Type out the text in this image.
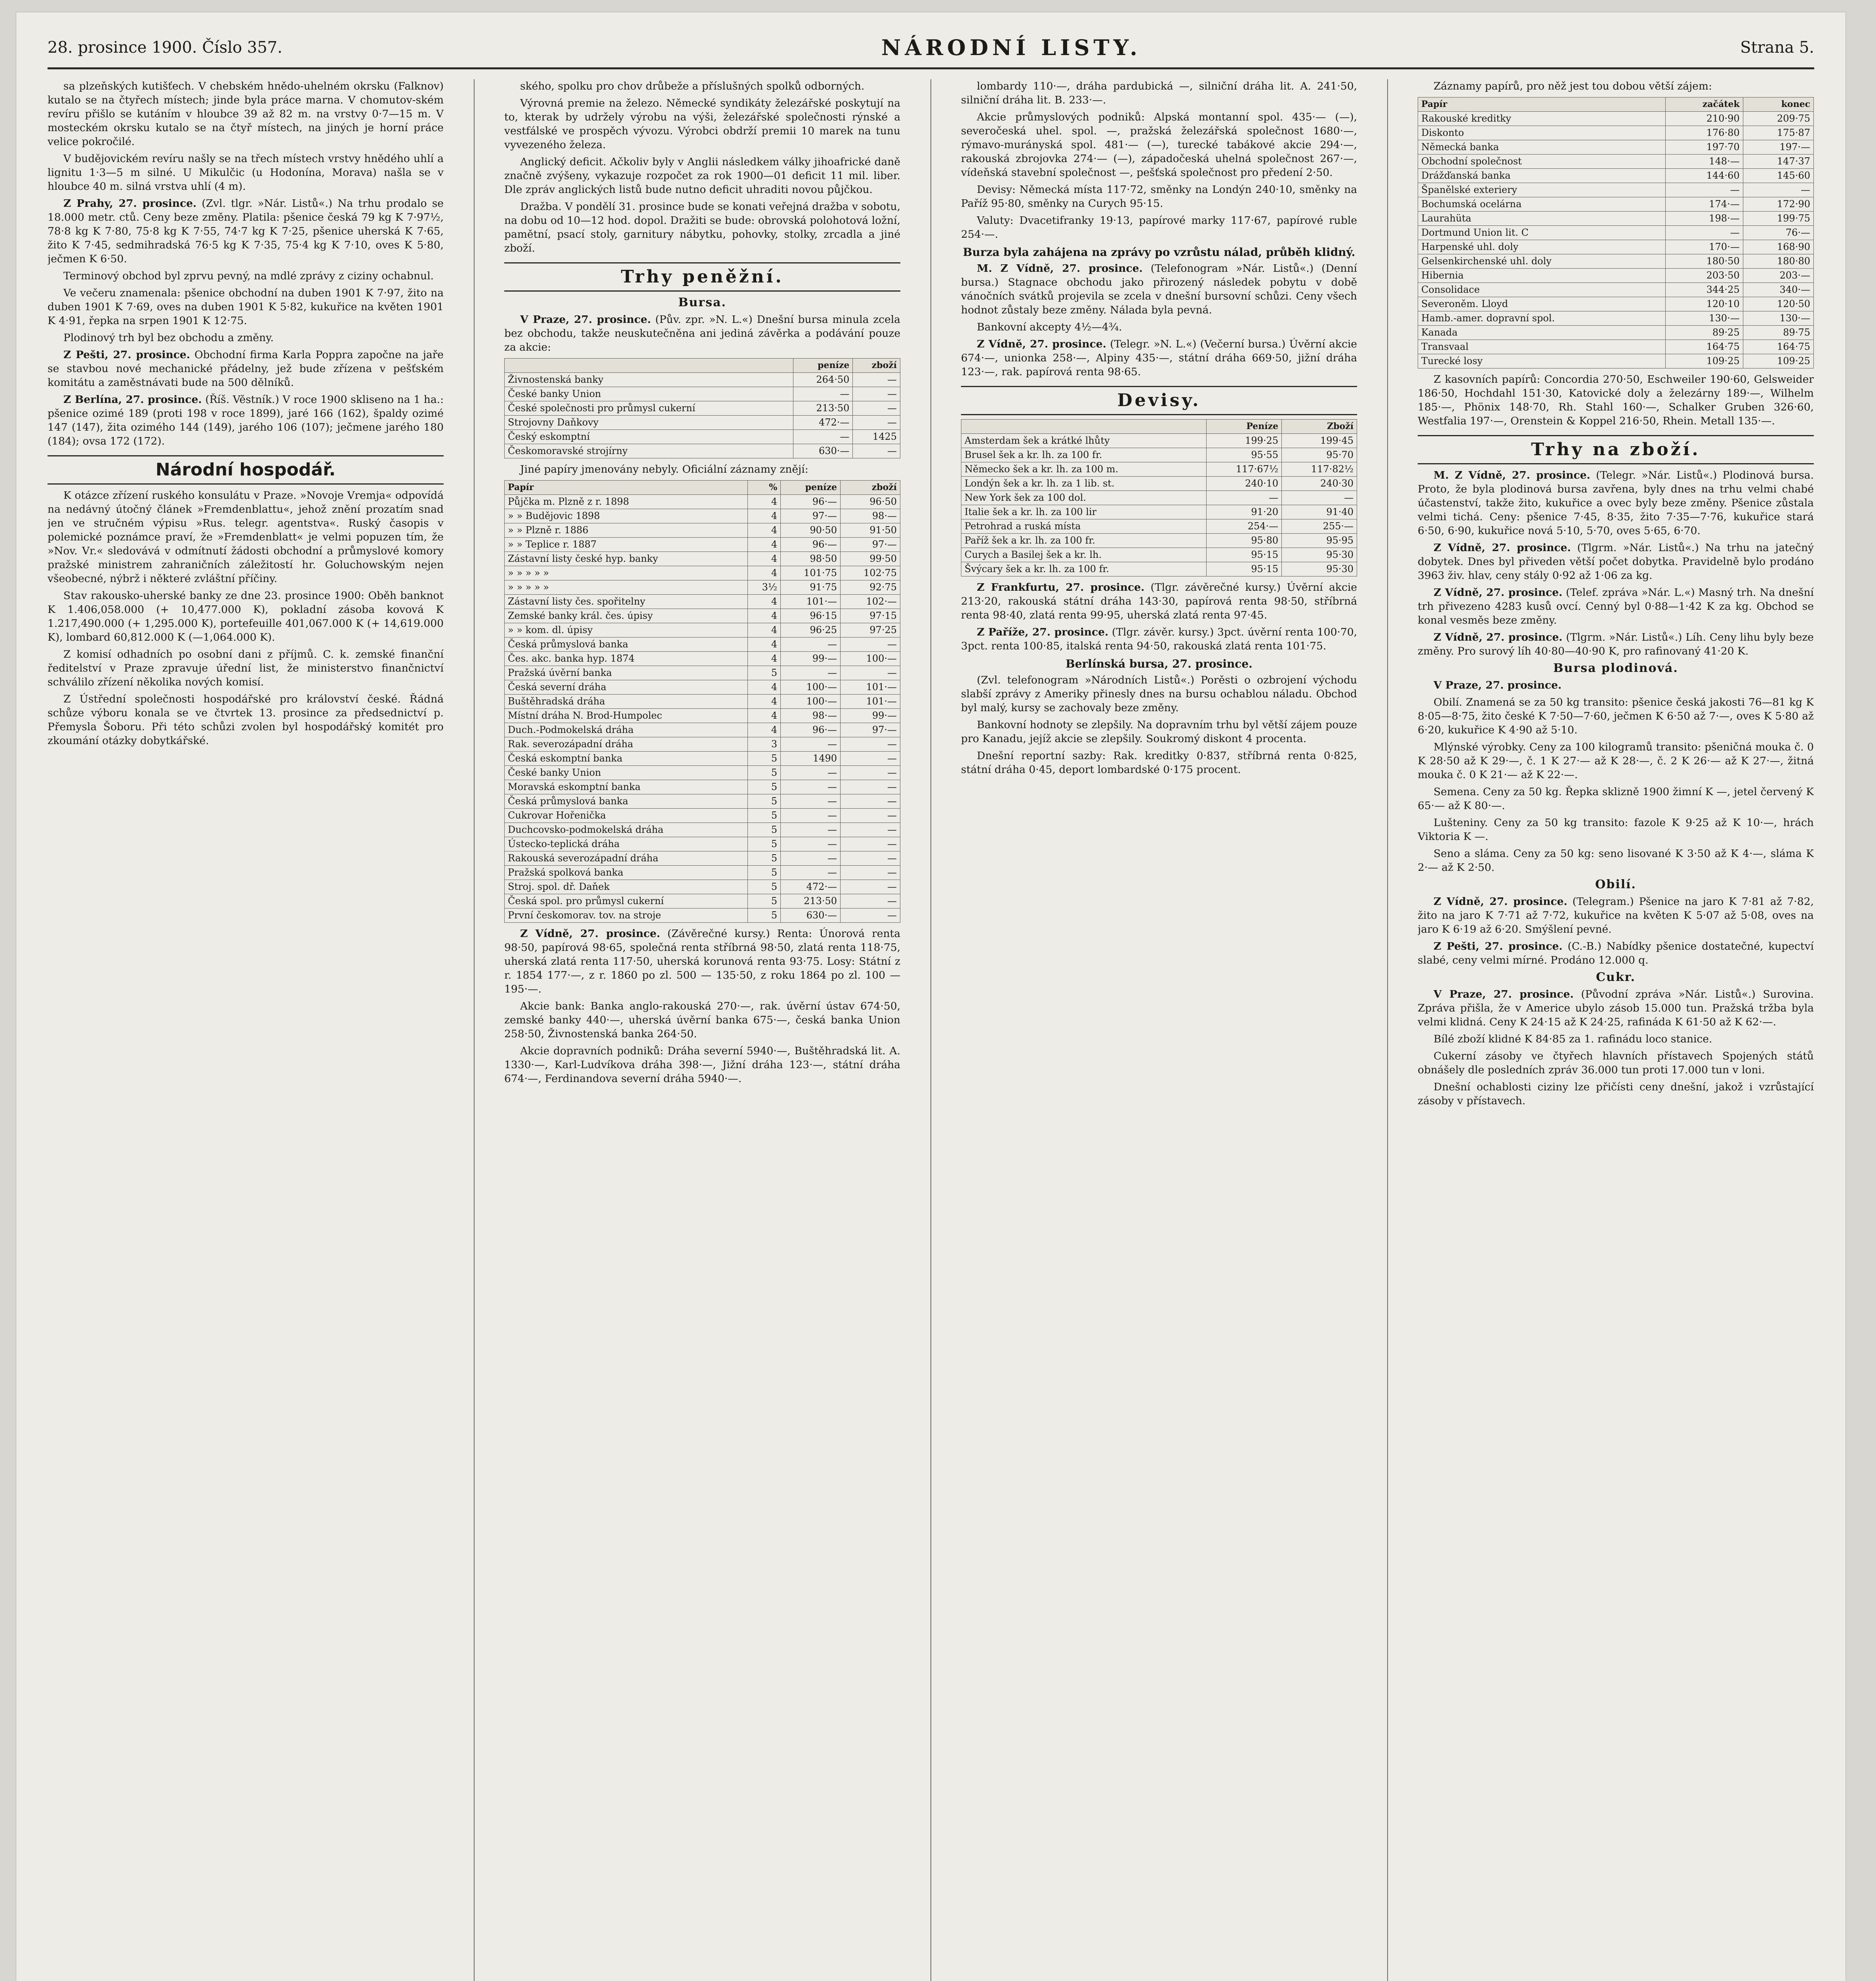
28. prosince 1900. Číslo 357.	NÁRODNÍ LISTY.	Strana 5.

sa plzeňských kutišťech. V chebském hnědo-uhelném okrsku (Falknov) kutalo se na čtyřech místech; jinde byla práce marna. V chomutov-ském revíru přišlo se kutáním v hloubce 39 až 82 m. na vrstvy 0·7—15 m. V mosteckém okrsku kutalo se na čtyř místech, na jiných je horní práce velice pokročilé.

V budějovickém revíru našly se na třech místech vrstvy hnědého uhlí a lignitu 1·3—5 m silné. U Mikulčic (u Hodonína, Morava) našla se v hloubce 40 m. silná vrstva uhlí (4 m).

Z Prahy, 27. prosince. (Zvl. tlgr. »Nár. Listů«.) Na trhu prodalo se 18.000 metr. ctů. Ceny beze změny. Platila: pšenice česká 79 kg K 7·97½, 78·8 kg K 7·80, 75·8 kg K 7·55, 74·7 kg K 7·25, pšenice uherská K 7·65, žito K 7·45, sedmihradská 76·5 kg K 7·35, 75·4 kg K 7·10, oves K 5·80, ječmen K 6·50.

Terminový obchod byl zprvu pevný, na mdlé zprávy z ciziny ochabnul.

Ve večeru znamenala: pšenice obchodní na duben 1901 K 7·97, žito na duben 1901 K 7·69, oves na duben 1901 K 5·82, kukuřice na květen 1901 K 4·91, řepka na srpen 1901 K 12·75.

Plodinový trh byl bez obchodu a změny.

Z Pešti, 27. prosince. Obchodní firma Karla Poppra započne na jaře se stavbou nové mechanické přádelny, jež bude zřízena v pešťském komitátu a zaměstnávati bude na 500 dělníků.

Z Berlína, 27. prosince. (Říš. Věstník.) V roce 1900 skliseno na 1 ha.: pšenice ozimé 189 (proti 198 v roce 1899), jaré 166 (162), špaldy ozimé 147 (147), žita ozimého 144 (149), jarého 106 (107); ječmene jarého 180 (184); ovsa 172 (172).

Národní hospodář.

K otázce zřízení ruského konsulátu v Praze. »Novoje Vremja« odpovídá na nedávný útočný článek »Fremdenblattu«, jehož znění prozatím snad jen ve stručném výpisu »Rus. telegr. agentstva«. Ruský časopis v polemické poznámce praví, že »Fremdenblatt« je velmi popuzen tím, že »Nov. Vr.« sledovává v odmítnutí žádosti obchodní a průmyslové komory pražské ministrem zahraničních záležitostí hr. Goluchowským nejen všeobecné, nýbrž i některé zvláštní příčiny.

Stav rakousko-uherské banky ze dne 23. prosince 1900: Oběh banknot K 1.406,058.000 (+ 10,477.000 K), pokladní zásoba kovová K 1.217,490.000 (+ 1,295.000 K), portefeuille 401,067.000 K (+ 14,619.000 K), lombard 60,812.000 K (—1,064.000 K).

Z komisí odhadních po osobní dani z příjmů. C. k. zemské finanční ředitelství v Praze zpravuje úřední list, že ministerstvo finančnictví schválilo zřízení několika nových komisí.

Z Ústřední společnosti hospodářské pro království české. Řádná schůze výboru konala se ve čtvrtek 13. prosince za předsednictví p. Přemysla Šoboru. Při této schůzi zvolen byl hospodářský komitét pro zkoumání otázky dobytkářské.

ského, spolku pro chov drůbeže a příslušných spolků odborných.

Výrovná premie na železo. Německé syndikáty železářské poskytují na to, kterak by udržely výrobu na výši, železářské společnosti rýnské a vestfálské ve prospěch vývozu. Výrobci obdrží premii 10 marek na tunu vyvezeného železa.

Anglický deficit. Ačkoliv byly v Anglii následkem války jihoafrické daně značně zvýšeny, vykazuje rozpočet za rok 1900—01 deficit 11 mil. liber. Dle zpráv anglických listů bude nutno deficit uhraditi novou půjčkou.

Dražba. V pondělí 31. prosince bude se konati veřejná dražba v sobotu, na dobu od 10—12 hod. dopol. Dražiti se bude: obrovská polohotová ložní, pamětní, psací stoly, garnitury nábytku, pohovky, stolky, zrcadla a jiné zboží.

Trhy peněžní.
Bursa.

V Praze, 27. prosince. (Pův. zpr. »N. L.«) Dnešní bursa minula zcela bez obchodu, takže neuskutečněna ani jediná závěrka a podávání pouze za akcie:

	peníze	zboží
Živnostenská banky	264·50	—
České banky Union	—	—
České společnosti pro průmysl cukerní	213·50	—
Strojovny Daňkovy	472·—	—
Český eskomptní	—	1425
Českomoravské strojírny	630·—	—

Jiné papíry jmenovány nebyly. Oficiální záznamy znějí:

Papír	%	peníze	zboží
Půjčka m. Plzně z r. 1898	4	96·—	96·50
» » Budějovic 1898	4	97·—	98·—
» » Plzně r. 1886	4	90·50	91·50
» » Teplice r. 1887	4	96·—	97·—
Zástavní listy české hyp. banky	4	98·50	99·50
» » » » »	4	101·75	102·75
» » » » »	3½	91·75	92·75
Zástavní listy čes. spořitelny	4	101·—	102·—
Zemské banky král. čes. úpisy	4	96·15	97·15
» » kom. dl. úpisy	4	96·25	97·25
Česká průmyslová banka	4	—	—
Čes. akc. banka hyp. 1874	4	99·—	100·—
Pražská úvěrní banka	5	—	—
Česká severní dráha	4	100·—	101·—
Buštěhradská dráha	4	100·—	101·—
Místní dráha N. Brod-Humpolec	4	98·—	99·—
Duch.-Podmokelská dráha	4	96·—	97·—
Rak. severozápadní dráha	3	—	—
Česká eskomptní banka	5	1490	—
České banky Union	5	—	—
Moravská eskomptní banka	5	—	—
Česká průmyslová banka	5	—	—
Cukrovar Hořenička	5	—	—
Duchcovsko-podmokelská dráha	5	—	—
Ústecko-teplická dráha	5	—	—
Rakouská severozápadní dráha	5	—	—
Pražská spolková banka	5	—	—
Stroj. spol. dř. Daňek	5	472·—	—
Česká spol. pro průmysl cukerní	5	213·50	—
První českomorav. tov. na stroje	5	630·—	—

Z Vídně, 27. prosince. (Závěrečné kursy.) Renta: Únorová renta 98·50, papírová 98·65, společná renta stříbrná 98·50, zlatá renta 118·75, uherská zlatá renta 117·50, uherská korunová renta 93·75. Losy: Státní z r. 1854 177·—, z r. 1860 po zl. 500 — 135·50, z roku 1864 po zl. 100 — 195·—.

Akcie bank: Banka anglo-rakouská 270·—, rak. úvěrní ústav 674·50, zemské banky 440·—, uherská úvěrní banka 675·—, česká banka Union 258·50, Živnostenská banka 264·50.

Akcie dopravních podniků: Dráha severní 5940·—, Buštěhradská lit. A. 1330·—, Karl-Ludvíkova dráha 398·—, Jižní dráha 123·—, státní dráha 674·—, Ferdinandova severní dráha 5940·—.

lombardy 110·—, dráha pardubická —, silniční dráha lit. A. 241·50, silniční dráha lit. B. 233·—.

Akcie průmyslových podniků: Alpská montanní spol. 435·— (—), severočeská uhel. spol. —, pražská železářská společnost 1680·—, rýmavo-murányská spol. 481·— (—), turecké tabákové akcie 294·—, rakouská zbrojovka 274·— (—), západočeská uhelná společnost 267·—, vídeňská stavební společnost —, pešťská společnost pro předení 2·50.

Devisy: Německá místa 117·72, směnky na Londýn 240·10, směnky na Paříž 95·80, směnky na Curych 95·15.

Valuty: Dvacetifranky 19·13, papírové marky 117·67, papírové ruble 254·—.

Burza byla zahájena na zprávy po vzrůstu nálad, průběh klidný.

M. Z Vídně, 27. prosince. (Telefonogram »Nár. Listů«.) (Denní bursa.) Stagnace obchodu jako přirozený následek pobytu v době vánočních svátků projevila se zcela v dnešní bursovní schůzi. Ceny všech hodnot zůstaly beze změny. Nálada byla pevná.

Bankovní akcepty 4½—4¾.

Z Vídně, 27. prosince. (Telegr. »N. L.«) (Večerní bursa.) Úvěrní akcie 674·—, unionka 258·—, Alpiny 435·—, státní dráha 669·50, jižní dráha 123·—, rak. papírová renta 98·65.

Devisy.
	Peníze	Zboží
Amsterdam šek a krátké lhůty	199·25	199·45
Brusel šek a kr. lh. za 100 fr.	95·55	95·70
Německo šek a kr. lh. za 100 m.	117·67½	117·82½
Londýn šek a kr. lh. za 1 lib. st.	240·10	240·30
New York šek za 100 dol.	—	—
Italie šek a kr. lh. za 100 lir	91·20	91·40
Petrohrad a ruská místa	254·—	255·—
Paříž šek a kr. lh. za 100 fr.	95·80	95·95
Curych a Basilej šek a kr. lh.	95·15	95·30
Švýcary šek a kr. lh. za 100 fr.	95·15	95·30

Z Frankfurtu, 27. prosince. (Tlgr. závěrečné kursy.) Úvěrní akcie 213·20, rakouská státní dráha 143·30, papírová renta 98·50, stříbrná renta 98·40, zlatá renta 99·95, uherská zlatá renta 97·45.

Z Paříže, 27. prosince. (Tlgr. závěr. kursy.) 3pct. úvěrní renta 100·70, 3pct. renta 100·85, italská renta 94·50, rakouská zlatá renta 101·75.

Berlínská bursa, 27. prosince.

(Zvl. telefonogram »Národních Listů«.) Porěsti o ozbrojení východu slabší zprávy z Ameriky přinesly dnes na bursu ochablou náladu. Obchod byl malý, kursy se zachovaly beze změny.

Bankovní hodnoty se zlepšily. Na dopravním trhu byl větší zájem pouze pro Kanadu, jejíž akcie se zlepšily. Soukromý diskont 4 procenta.

Dnešní reportní sazby: Rak. kreditky 0·837, stříbrná renta 0·825, státní dráha 0·45, deport lombardské 0·175 procent.

Záznamy papírů, pro něž jest tou dobou větší zájem:

Papír	začátek	konec
Rakouské kreditky	210·90	209·75
Diskonto	176·80	175·87
Německá banka	197·70	197·—
Obchodní společnost	148·—	147·37
Drážďanská banka	144·60	145·60
Španělské exteriery	—	—
Bochumská ocelárna	174·—	172·90
Laurahüta	198·—	199·75
Dortmund Union lit. C	—	76·—
Harpenské uhl. doly	170·—	168·90
Gelsenkirchenské uhl. doly	180·50	180·80
Hibernia	203·50	203·—
Consolidace	344·25	340·—
Severoněm. Lloyd	120·10	120·50
Hamb.-amer. dopravní spol.	130·—	130·—
Kanada	89·25	89·75
Transvaal	164·75	164·75
Turecké losy	109·25	109·25

Z kasovních papírů: Concordia 270·50, Eschweiler 190·60, Gelsweider 186·50, Hochdahl 151·30, Katovické doly a železárny 189·—, Wilhelm 185·—, Phönix 148·70, Rh. Stahl 160·—, Schalker Gruben 326·60, Westfalia 197·—, Orenstein & Koppel 216·50, Rhein. Metall 135·—.

Trhy na zboží.

M. Z Vídně, 27. prosince. (Telegr. »Nár. Listů«.) Plodinová bursa. Proto, že byla plodinová bursa zavřena, byly dnes na trhu velmi chabé účastenství, takže žito, kukuřice a ovec byly beze změny. Pšenice zůstala velmi tichá. Ceny: pšenice 7·45, 8·35, žito 7·35—7·76, kukuřice stará 6·50, 6·90, kukuřice nová 5·10, 5·70, oves 5·65, 6·70.

Z Vídně, 27. prosince. (Tlgrm. »Nár. Listů«.) Na trhu na jatečný dobytek. Dnes byl přiveden větší počet dobytka. Pravidelně bylo prodáno 3963 živ. hlav, ceny stály 0·92 až 1·06 za kg.

Z Vídně, 27. prosince. (Telef. zpráva »Nár. L.«) Masný trh. Na dnešní trh přivezeno 4283 kusů ovcí. Cenný byl 0·88—1·42 K za kg. Obchod se konal vesměs beze změny.

Z Vídně, 27. prosince. (Tlgrm. »Nár. Listů«.) Líh. Ceny lihu byly beze změny. Pro surový líh 40·80—40·90 K, pro rafinovaný 41·20 K.

Bursa plodinová.

V Praze, 27. prosince.

Obilí. Znamená se za 50 kg transito: pšenice česká jakosti 76—81 kg K 8·05—8·75, žito české K 7·50—7·60, ječmen K 6·50 až 7·—, oves K 5·80 až 6·20, kukuřice K 4·90 až 5·10.

Mlýnské výrobky. Ceny za 100 kilogramů transito: pšeničná mouka č. 0 K 28·50 až K 29·—, č. 1 K 27·— až K 28·—, č. 2 K 26·— až K 27·—, žitná mouka č. 0 K 21·— až K 22·—.

Semena. Ceny za 50 kg. Řepka sklizně 1900 žimní K —, jetel červený K 65·— až K 80·—.

Lušteniny. Ceny za 50 kg transito: fazole K 9·25 až K 10·—, hrách Viktoria K —.

Seno a sláma. Ceny za 50 kg: seno lisované K 3·50 až K 4·—, sláma K 2·— až K 2·50.

Obilí.

Z Vídně, 27. prosince. (Telegram.) Pšenice na jaro K 7·81 až 7·82, žito na jaro K 7·71 až 7·72, kukuřice na květen K 5·07 až 5·08, oves na jaro K 6·19 až 6·20. Smýšlení pevné.

Z Pešti, 27. prosince. (C.-B.) Nabídky pšenice dostatečné, kupectví slabé, ceny velmi mírné. Prodáno 12.000 q.

Cukr.

V Praze, 27. prosince. (Původní zpráva »Nár. Listů«.) Surovina. Zpráva přišla, že v Americe ubylo zásob 15.000 tun. Pražská tržba byla velmi klidná. Ceny K 24·15 až K 24·25, rafináda K 61·50 až K 62·—.

Bílé zboží klidné K 84·85 za 1. rafinádu loco stanice.

Cukerní zásoby ve čtyřech hlavních přístavech Spojených států obnášely dle posledních zpráv 36.000 tun proti 17.000 tun v loni.

Dnešní ochablosti ciziny lze přičísti ceny dnešní, jakož i vzrůstající zásoby v přístavech.
